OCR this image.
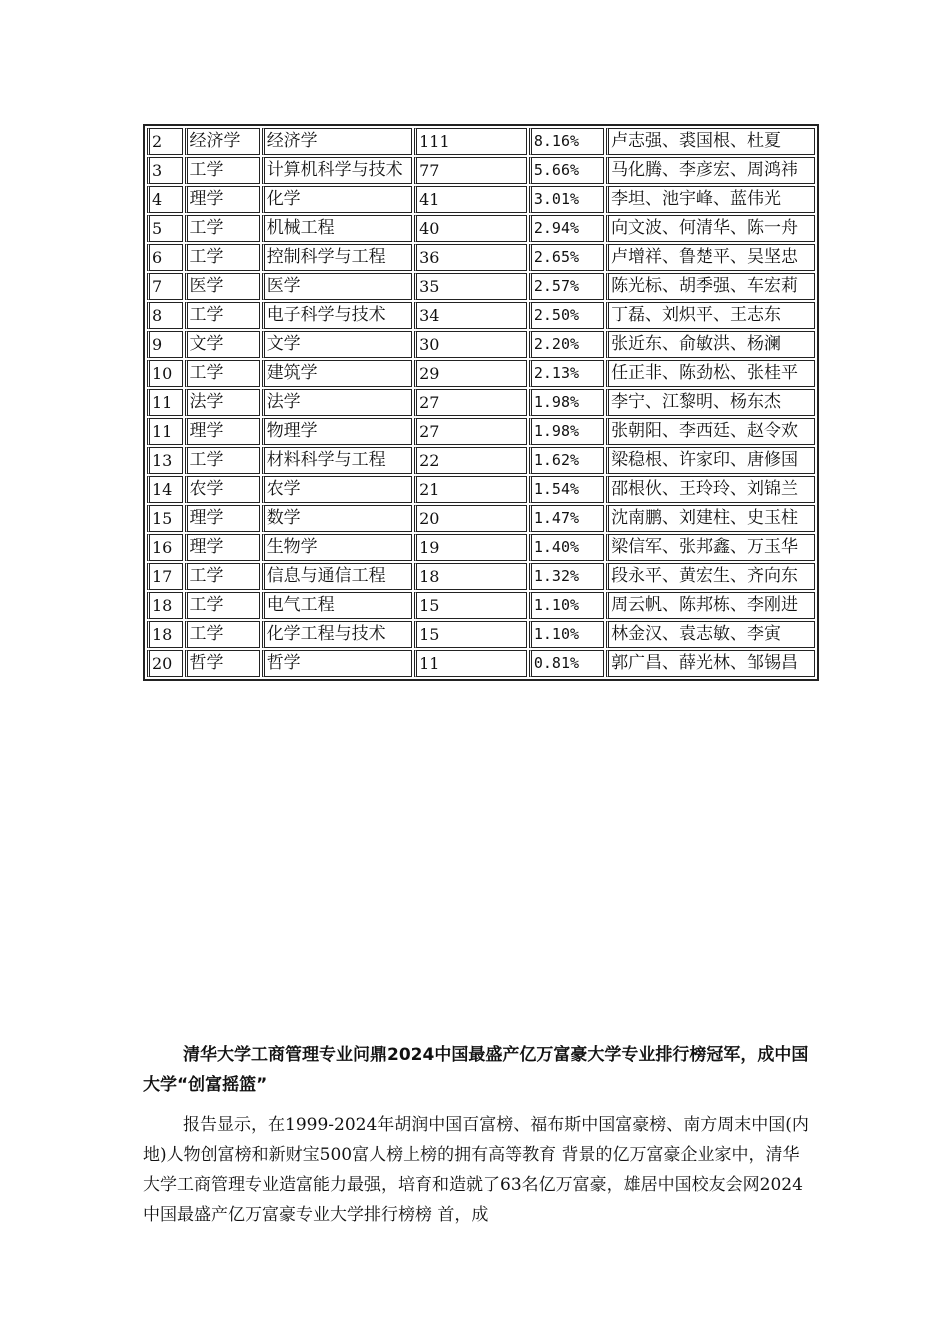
2	经济学	经济学	111	8.16%	卢志强、裘国根、杜夏
3	工学	计算机科学与技术	77	5.66%	马化腾、李彦宏、周鸿祎
4	理学	化学	41	3.01%	李坦、池宇峰、蓝伟光
5	工学	机械工程	40	2.94%	向文波、何清华、陈一舟
6	工学	控制科学与工程	36	2.65%	卢增祥、鲁楚平、吴坚忠
7	医学	医学	35	2.57%	陈光标、胡季强、车宏莉
8	工学	电子科学与技术	34	2.50%	丁磊、刘炽平、王志东
9	文学	文学	30	2.20%	张近东、俞敏洪、杨澜
10	工学	建筑学	29	2.13%	任正非、陈劲松、张桂平
11	法学	法学	27	1.98%	李宁、江黎明、杨东杰
11	理学	物理学	27	1.98%	张朝阳、李西廷、赵令欢
13	工学	材料科学与工程	22	1.62%	梁稳根、许家印、唐修国
14	农学	农学	21	1.54%	邵根伙、王玲玲、刘锦兰
15	理学	数学	20	1.47%	沈南鹏、刘建柱、史玉柱
16	理学	生物学	19	1.40%	梁信军、张邦鑫、万玉华
17	工学	信息与通信工程	18	1.32%	段永平、黄宏生、齐向东
18	工学	电气工程	15	1.10%	周云帆、陈邦栋、李刚进
18	工学	化学工程与技术	15	1.10%	林金汉、袁志敏、李寅
20	哲学	哲学	11	0.81%	郭广昌、薛光林、邹锡昌
清华大学工商管理专业问鼎2024中国最盛产亿万富豪大学专业排行榜冠军，成中国大学“创富摇篮”
报告显示，在1999-2024年胡润中国百富榜、福布斯中国富豪榜、南方周末中国(内地)人物创富榜和新财宝500富人榜上榜的拥有高等教育 背景的亿万富豪企业家中，清华大学工商管理专业造富能力最强，培育和造就了63名亿万富豪，雄居中国校友会网2024中国最盛产亿万富豪专业大学排行榜榜 首，成
